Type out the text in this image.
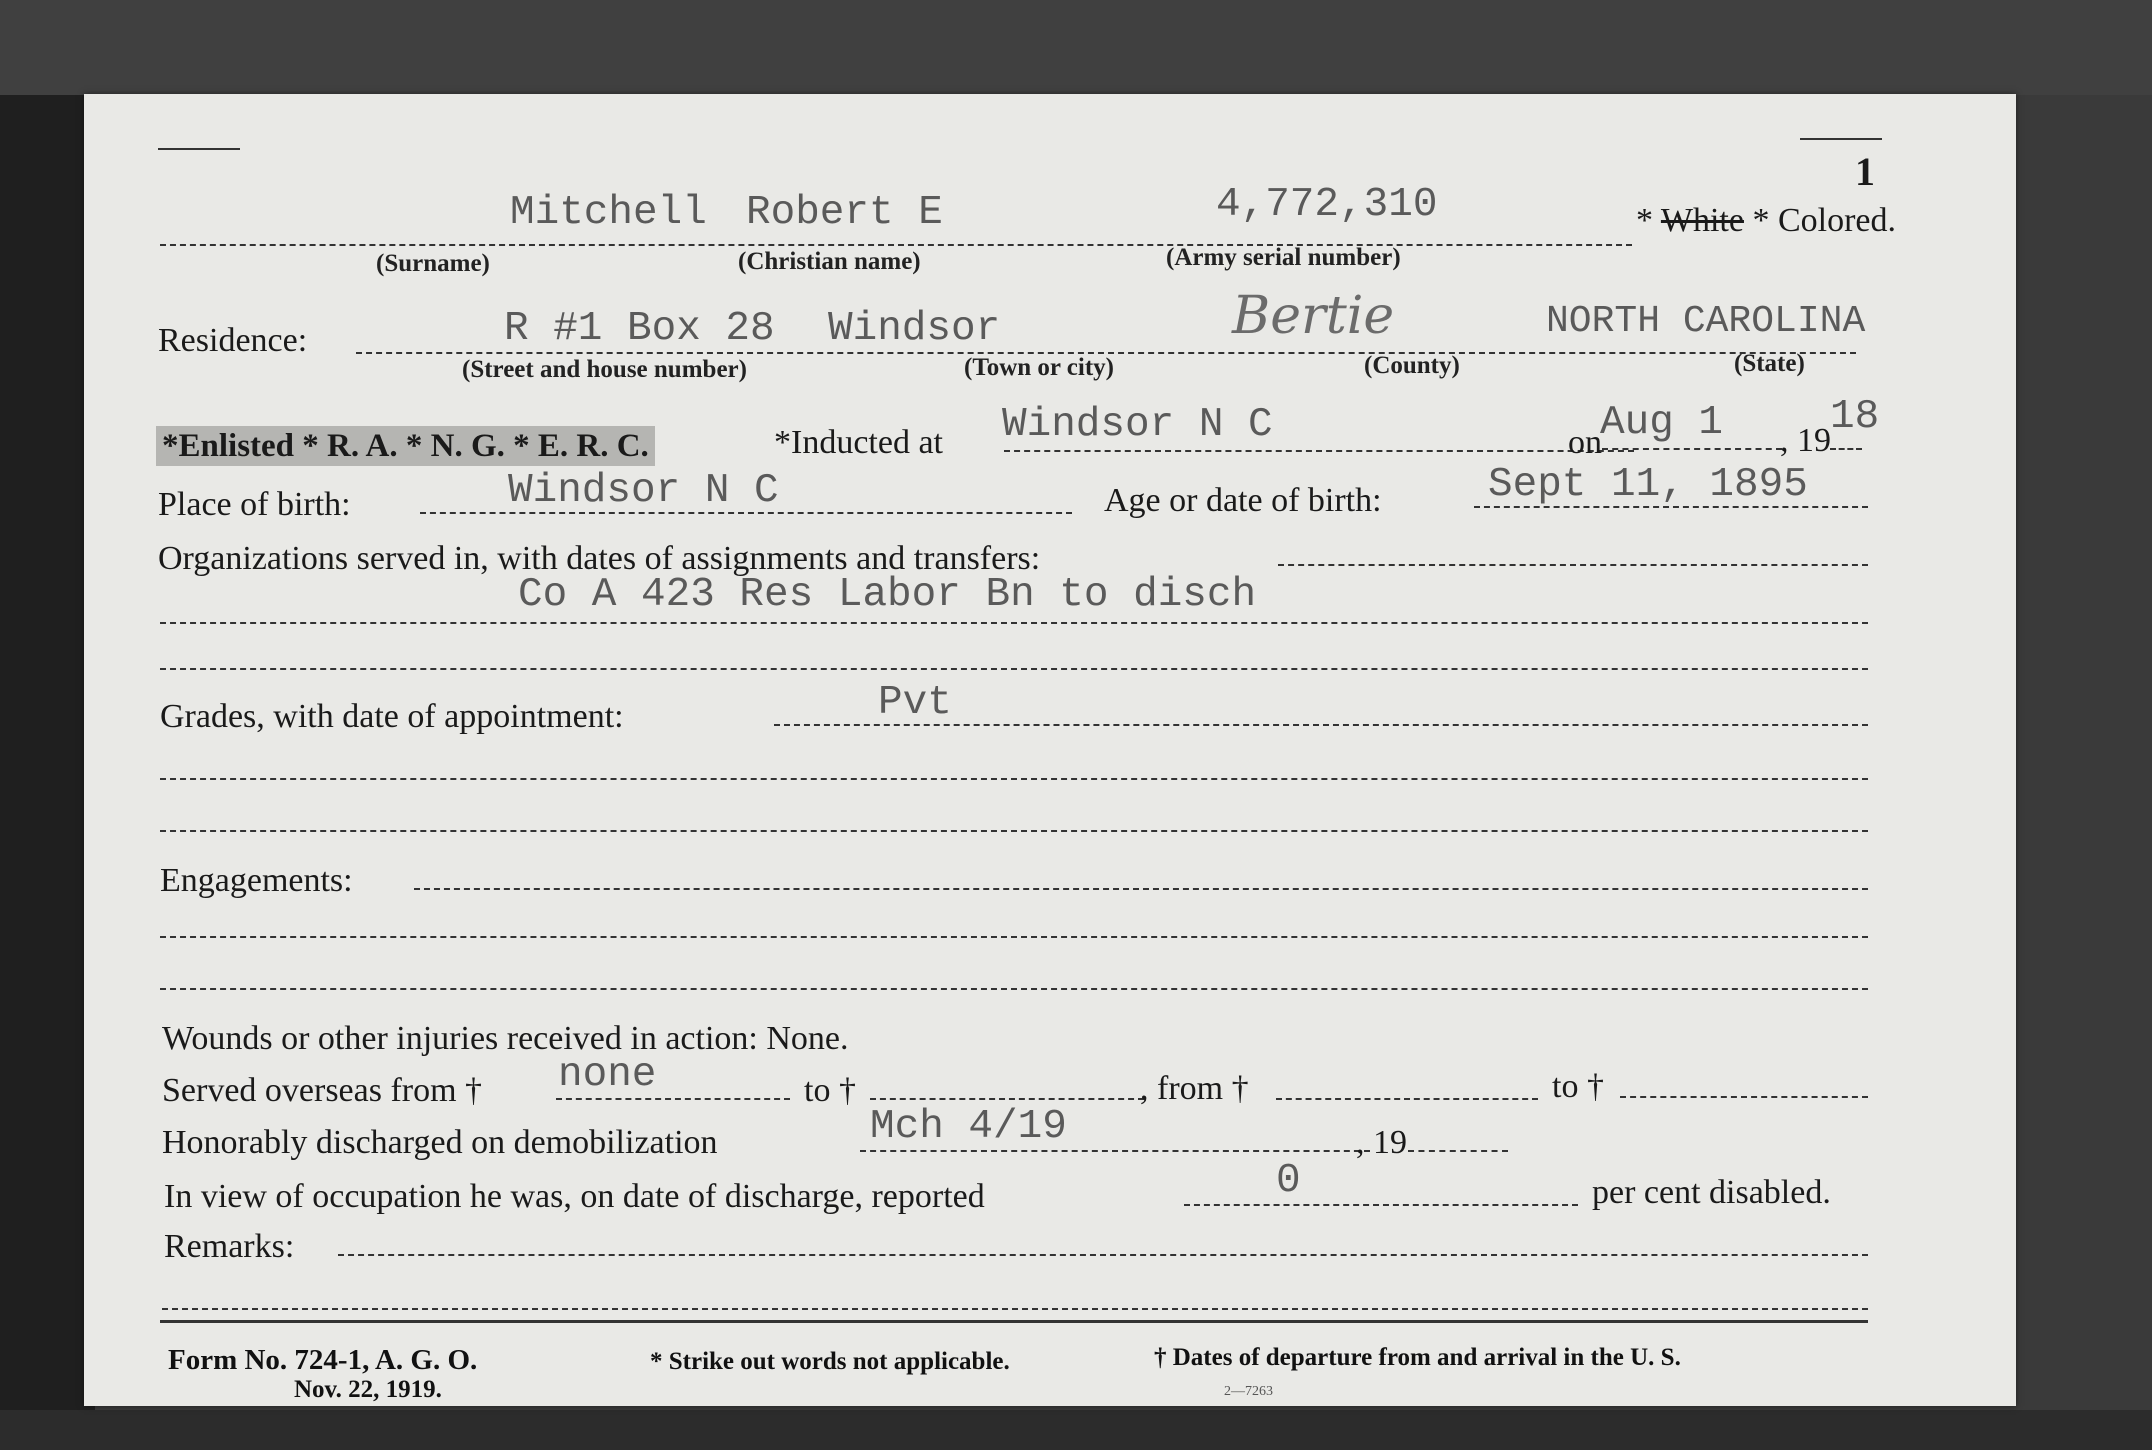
1
Mitchell Robert E	4,772,310	* White * Colored.
(Surname)	(Christian name)	(Army serial number)
Residence:	R #1 Box 28 Windsor	Bertie	NORTH CAROLINA
(Street and house number)	(Town or city)	(County)	(State)
*Enlisted * R. A. * N. G. * E. R. C.	*Inducted at Windsor N C	on
Aug 1 , 19
18
Place of birth:	Windsor N C	Age or date of birth:	Sept 11, 1895
Organizations served in, with dates of assignments and transfers:
Co A 423 Res Labor Bn to disch
Grades, with date of appointment:	Pvt
Engagements:
Wounds or other injuries received in action: None.
Served overseas from † none	to †	, from †	to †
Honorably discharged on demobilization	Mch 4/19	, 19
In view of occupation he was, on date of discharge, reported	0	per cent disabled.
Remarks:
Form No. 724-1, A. G. O.
Nov. 22, 1919.
* Strike out words not applicable.	† Dates of departure from and arrival in the U. S.
2—7263
